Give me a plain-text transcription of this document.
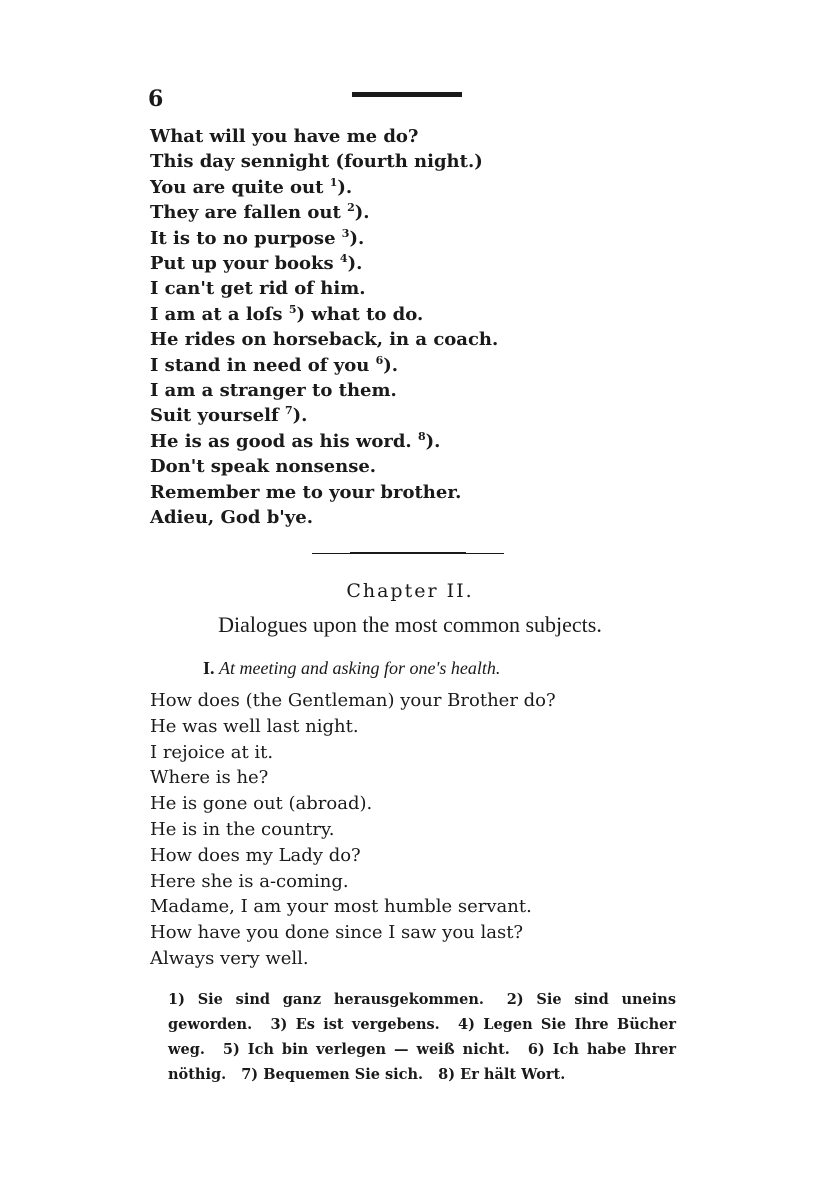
6
What will you have me do?
This day sennight (fourth night.)
You are quite out $^1$).
They are fallen out $^2$).
It is to no purpose $^3$).
Put up your books $^4$).
I can't get rid of him.
I am at a loſs $^5$) what to do.
He rides on horseback, in a coach.
I stand in need of you $^6$).
I am a stranger to them.
Suit yourself $^7$).
He is as good as his word. $^8$).
Don't speak nonsense.
Remember me to your brother.
Adieu, God b'ye.
Chapter II.
Dialogues upon the most common subjects.
I. At meeting and asking for one's health.
How does (the Gentleman) your Brother do?
He was well last night.
I rejoice at it.
Where is he?
He is gone out (abroad).
He is in the country.
How does my Lady do?
Here she is a-coming.
Madame, I am your most humble servant.
How have you done since I saw you last?
Always very well.
1) Sie sind ganz herausgekommen. 2) Sie sind uneins geworden. 3) Es ist vergebens. 4) Legen Sie Ihre Bücher weg. 5) Ich bin verlegen — weiß nicht. 6) Ich habe Ihrer nöthig. 7) Bequemen Sie sich. 8) Er hält Wort.
